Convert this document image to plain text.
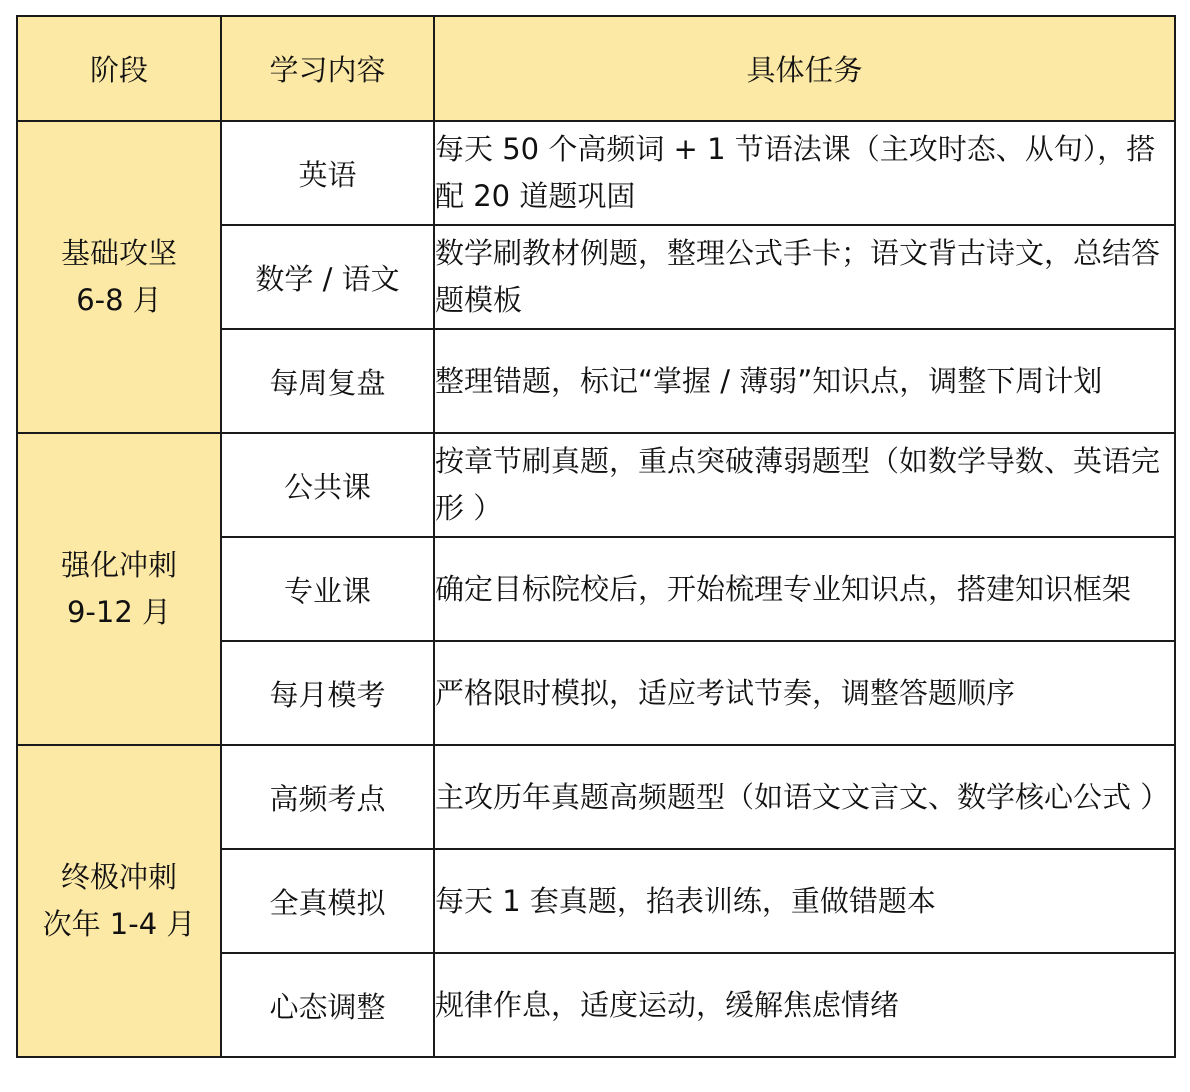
阶段	学习内容	具体任务

基础攻坚
6-8 月	英语	每天 50 个高频词 + 1 节语法课（主攻时态、从句），搭配 20 道题巩固
	数学 / 语文	数学刷教材例题，整理公式手卡；语文背古诗文，总结答题模板
	每周复盘	整理错题，标记“掌握 / 薄弱”知识点，调整下周计划

强化冲刺
9-12 月	公共课	按章节刷真题，重点突破薄弱题型（如数学导数、英语完形 ）
	专业课	确定目标院校后，开始梳理专业知识点，搭建知识框架
	每月模考	严格限时模拟，适应考试节奏，调整答题顺序

终极冲刺
次年 1-4 月	高频考点	主攻历年真题高频题型（如语文文言文、数学核心公式 ）
	全真模拟	每天 1 套真题，掐表训练，重做错题本
	心态调整	规律作息，适度运动，缓解焦虑情绪
